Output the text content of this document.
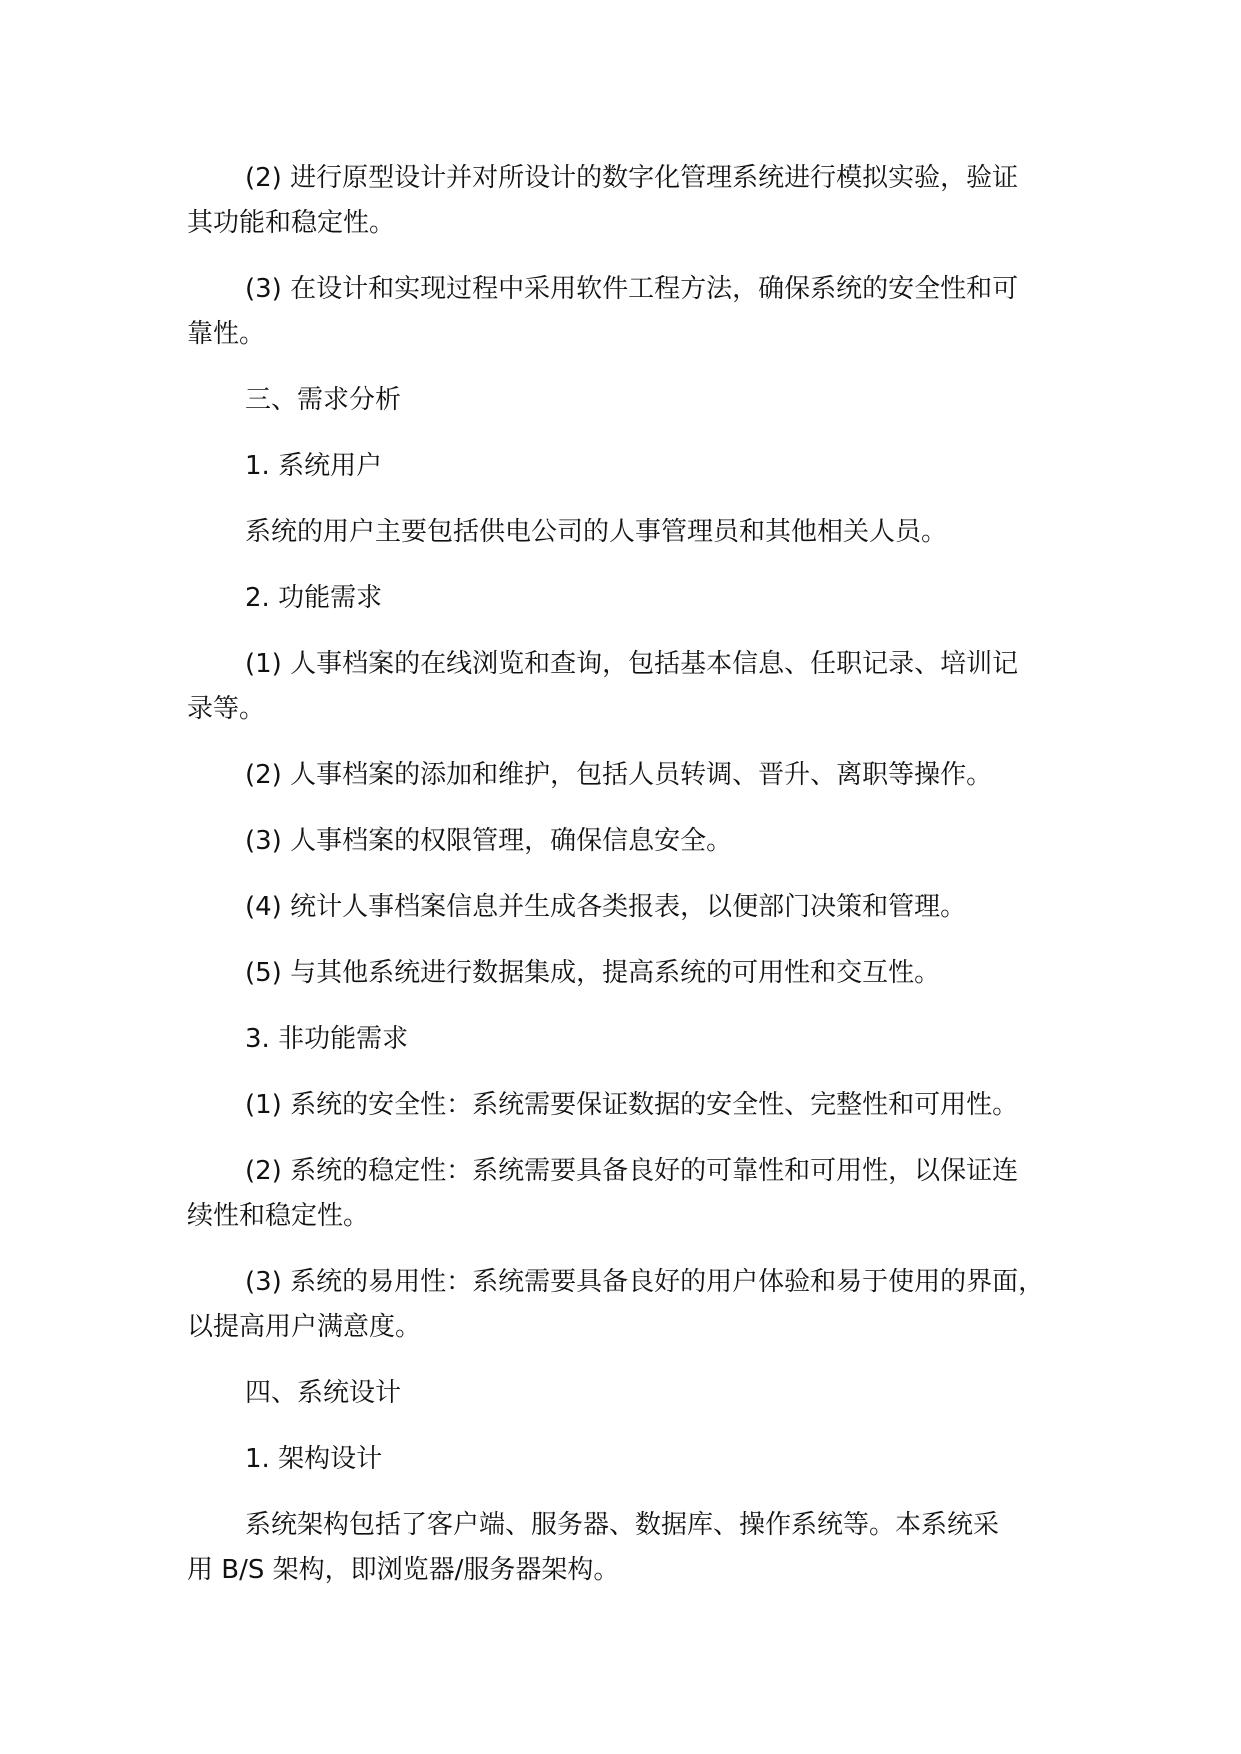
(2) 进行原型设计并对所设计的数字化管理系统进行模拟实验，验证
其功能和稳定性。

(3) 在设计和实现过程中采用软件工程方法，确保系统的安全性和可
靠性。

三、需求分析

1. 系统用户

系统的用户主要包括供电公司的人事管理员和其他相关人员。

2. 功能需求

(1) 人事档案的在线浏览和查询，包括基本信息、任职记录、培训记
录等。

(2) 人事档案的添加和维护，包括人员转调、晋升、离职等操作。

(3) 人事档案的权限管理，确保信息安全。

(4) 统计人事档案信息并生成各类报表，以便部门决策和管理。

(5) 与其他系统进行数据集成，提高系统的可用性和交互性。

3. 非功能需求

(1) 系统的安全性：系统需要保证数据的安全性、完整性和可用性。

(2) 系统的稳定性：系统需要具备良好的可靠性和可用性，以保证连
续性和稳定性。

(3) 系统的易用性：系统需要具备良好的用户体验和易于使用的界面，
以提高用户满意度。

四、系统设计

1. 架构设计

系统架构包括了客户端、服务器、数据库、操作系统等。本系统采
用 B/S 架构，即浏览器/服务器架构。
